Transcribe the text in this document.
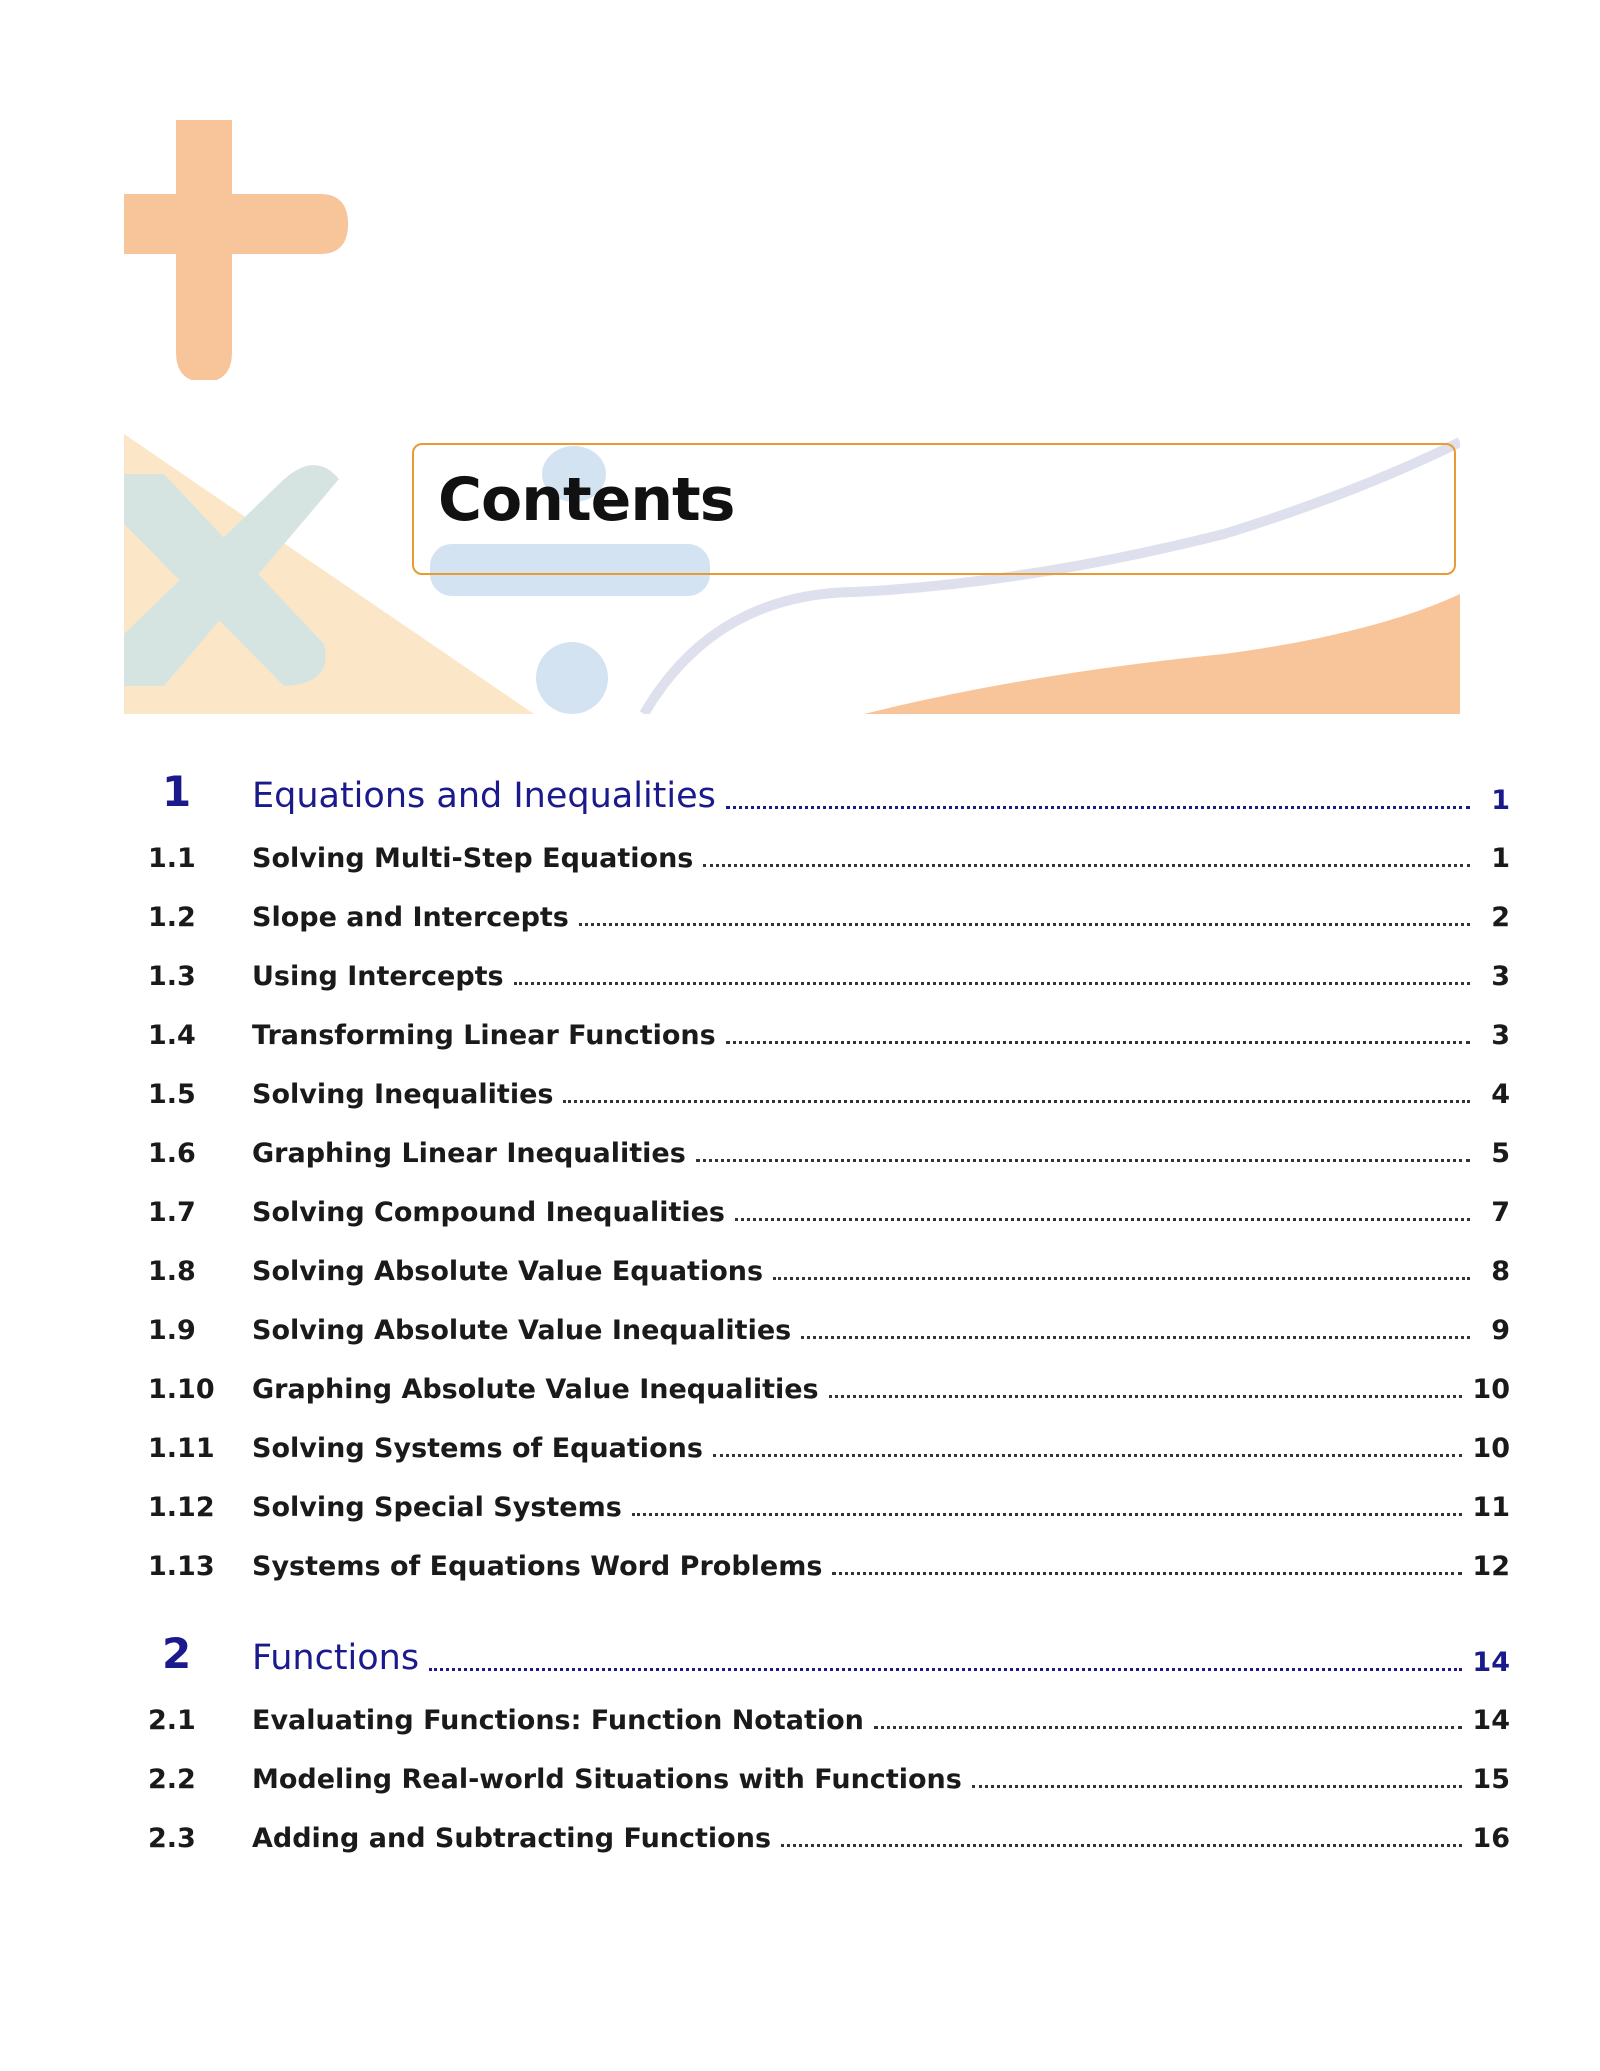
Contents
1	Equations and Inequalities	1
1.1	Solving Multi-Step Equations	1
1.2	Slope and Intercepts	2
1.3	Using Intercepts	3
1.4	Transforming Linear Functions	3
1.5	Solving Inequalities	4
1.6	Graphing Linear Inequalities	5
1.7	Solving Compound Inequalities	7
1.8	Solving Absolute Value Equations	8
1.9	Solving Absolute Value Inequalities	9
1.10	Graphing Absolute Value Inequalities	10
1.11	Solving Systems of Equations	10
1.12	Solving Special Systems	11
1.13	Systems of Equations Word Problems	12
2	Functions	14
2.1	Evaluating Functions: Function Notation	14
2.2	Modeling Real-world Situations with Functions	15
2.3	Adding and Subtracting Functions	16
